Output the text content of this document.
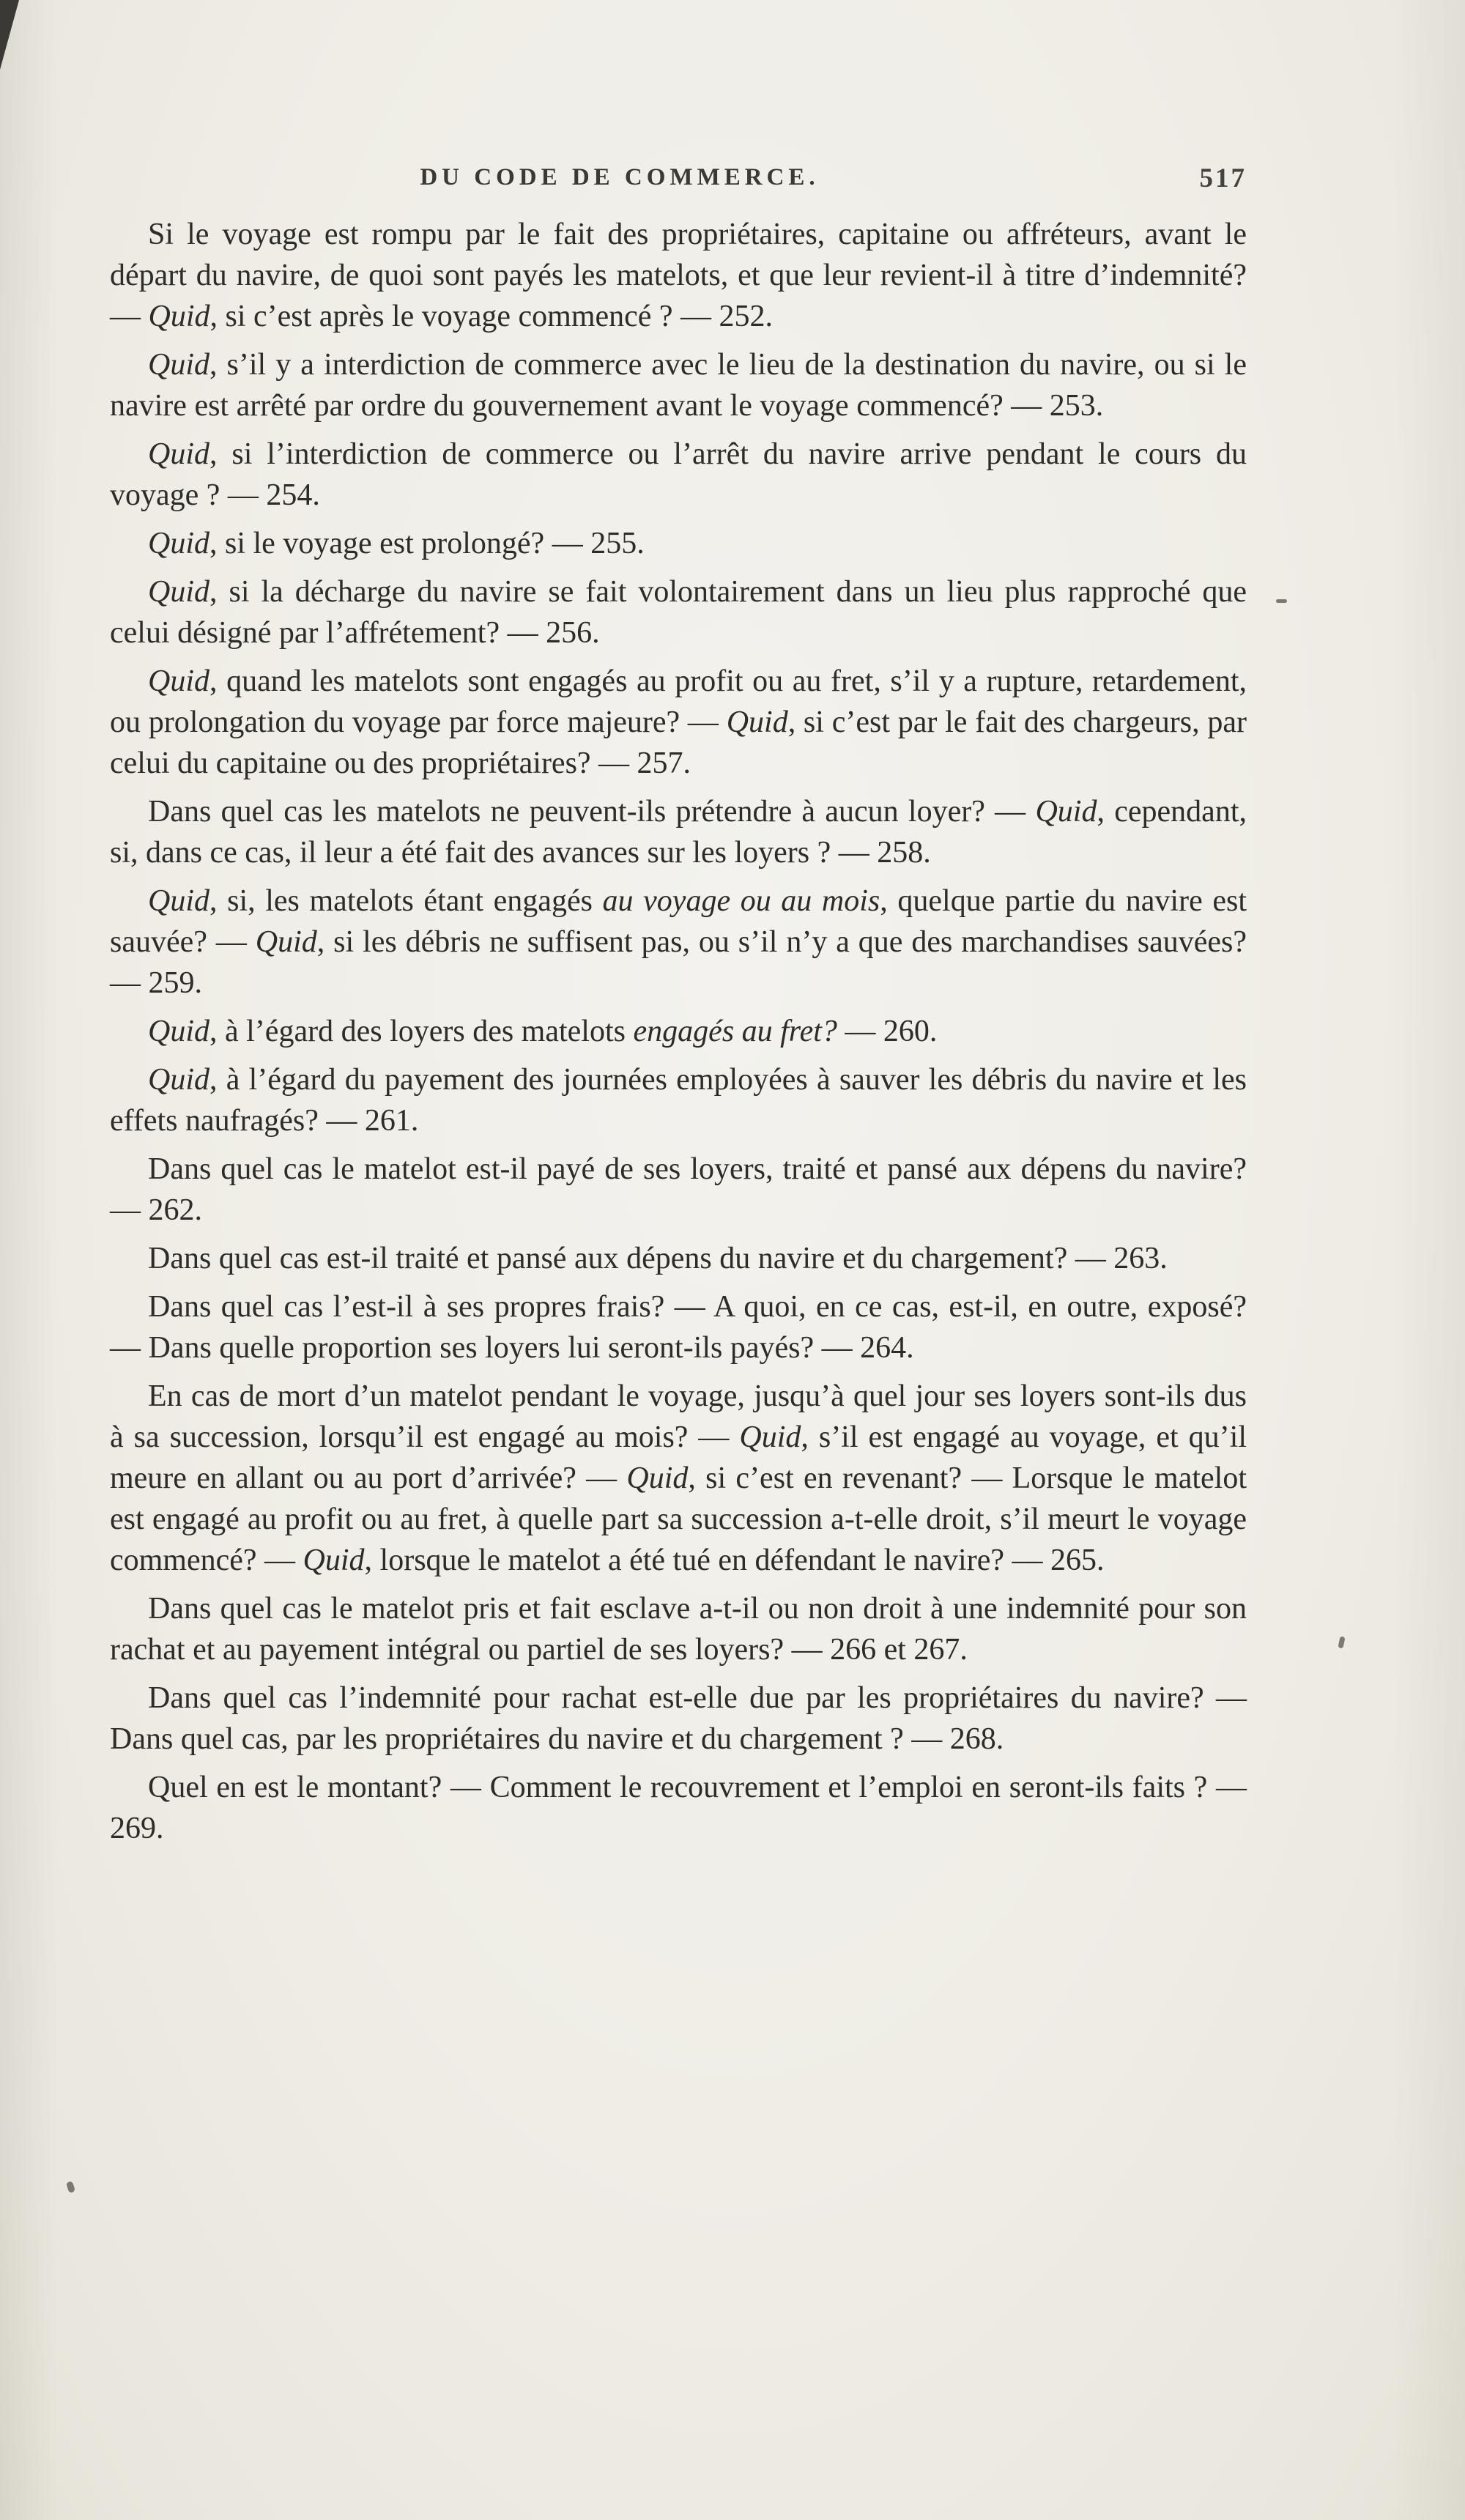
DU CODE DE COMMERCE.	517

Si le voyage est rompu par le fait des propriétaires, capitaine ou affréteurs, avant le départ du navire, de quoi sont payés les matelots, et que leur revient-il à titre d’indemnité? — Quid, si c’est après le voyage commencé ? — 252.

Quid, s’il y a interdiction de commerce avec le lieu de la destination du navire, ou si le navire est arrêté par ordre du gouvernement avant le voyage commencé? — 253.

Quid, si l’interdiction de commerce ou l’arrêt du navire arrive pendant le cours du voyage ? — 254.

Quid, si le voyage est prolongé? — 255.

Quid, si la décharge du navire se fait volontairement dans un lieu plus rapproché que celui désigné par l’affrétement? — 256.

Quid, quand les matelots sont engagés au profit ou au fret, s’il y a rupture, retardement, ou prolongation du voyage par force majeure? — Quid, si c’est par le fait des chargeurs, par celui du capitaine ou des propriétaires? — 257.

Dans quel cas les matelots ne peuvent-ils prétendre à aucun loyer? — Quid, cependant, si, dans ce cas, il leur a été fait des avances sur les loyers ? — 258.

Quid, si, les matelots étant engagés au voyage ou au mois, quelque partie du navire est sauvée? — Quid, si les débris ne suffisent pas, ou s’il n’y a que des marchandises sauvées? — 259.

Quid, à l’égard des loyers des matelots engagés au fret? — 260.

Quid, à l’égard du payement des journées employées à sauver les débris du navire et les effets naufragés? — 261.

Dans quel cas le matelot est-il payé de ses loyers, traité et pansé aux dépens du navire? — 262.

Dans quel cas est-il traité et pansé aux dépens du navire et du chargement? — 263.

Dans quel cas l’est-il à ses propres frais? — A quoi, en ce cas, est-il, en outre, exposé? — Dans quelle proportion ses loyers lui seront-ils payés? — 264.

En cas de mort d’un matelot pendant le voyage, jusqu’à quel jour ses loyers sont-ils dus à sa succession, lorsqu’il est engagé au mois? — Quid, s’il est engagé au voyage, et qu’il meure en allant ou au port d’arrivée? — Quid, si c’est en revenant? — Lorsque le matelot est engagé au profit ou au fret, à quelle part sa succession a-t-elle droit, s’il meurt le voyage commencé? — Quid, lorsque le matelot a été tué en défendant le navire? — 265.

Dans quel cas le matelot pris et fait esclave a-t-il ou non droit à une indemnité pour son rachat et au payement intégral ou partiel de ses loyers? — 266 et 267.

Dans quel cas l’indemnité pour rachat est-elle due par les propriétaires du navire? — Dans quel cas, par les propriétaires du navire et du chargement ? — 268.

Quel en est le montant? — Comment le recouvrement et l’emploi en seront-ils faits ? — 269.
